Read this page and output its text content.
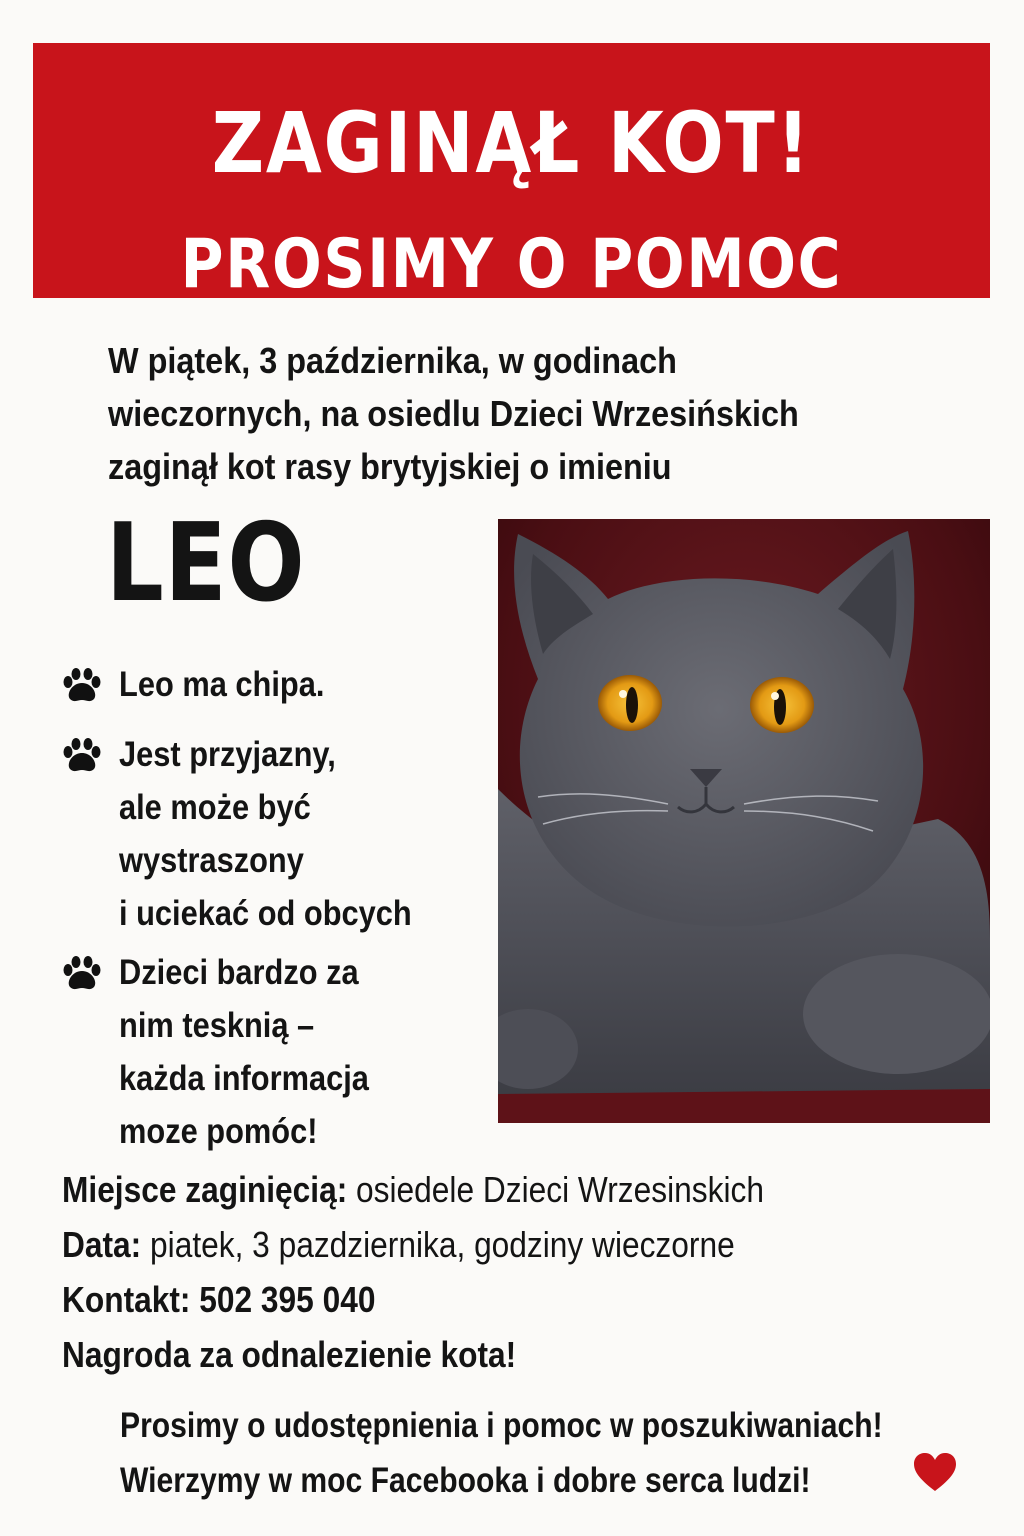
ZAGINĄŁ KOT!
PROSIMY O POMOC
W piątek, 3 października, w godinach
wieczornych, na osiedlu Dzieci Wrzesińskich
zaginął kot rasy brytyjskiej o imieniu
LEO
Leo ma chipa.
Jest przyjazny,
ale może być
wystraszony
i uciekać od obcych
Dzieci bardzo za
nim tesknią –
każda informacja
moze pomóc!
Miejsce zaginięcią: osiedele Dzieci Wrzesinskich
Data: piatek, 3 pazdziernika, godziny wieczorne
Kontakt: 502 395 040
Nagroda za odnalezienie kota!
Prosimy o udostępnienia i pomoc w poszukiwaniach!
Wierzymy w moc Facebooka i dobre serca ludzi!
